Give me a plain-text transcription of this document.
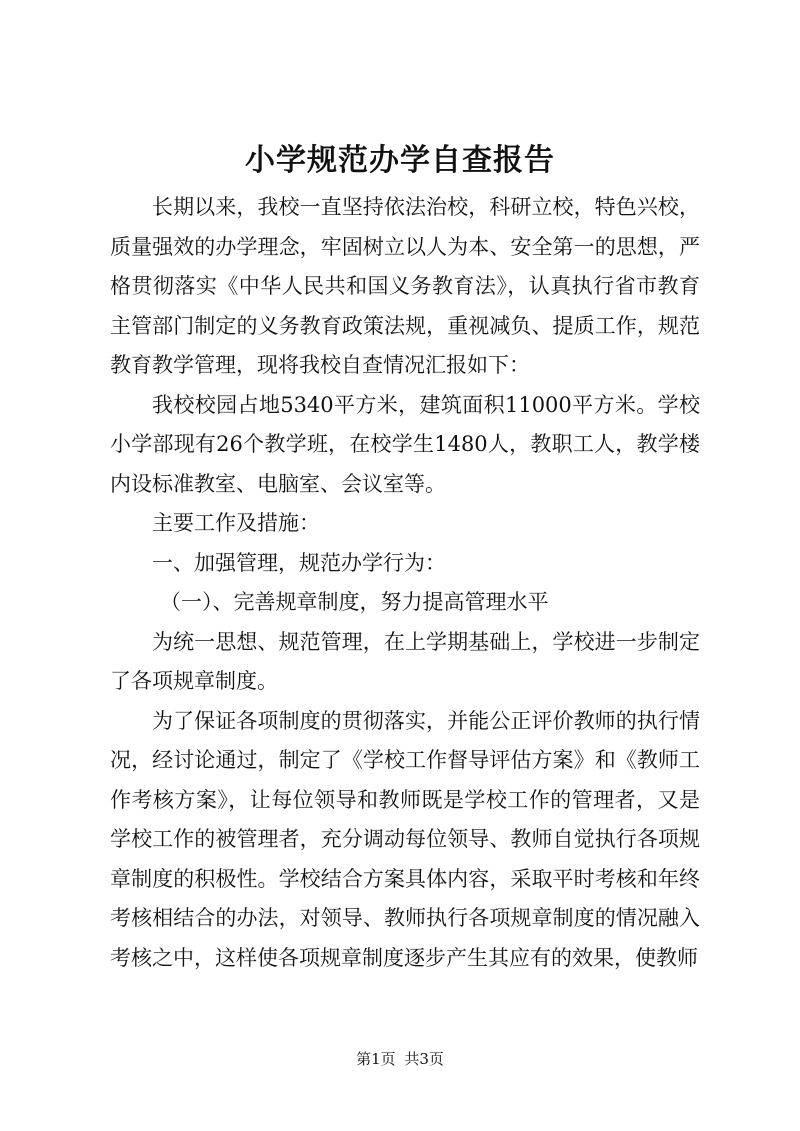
小学规范办学自查报告

长期以来，我校一直坚持依法治校，科研立校，特色兴校，质量强效的办学理念，牢固树立以人为本、安全第一的思想，严格贯彻落实《中华人民共和国义务教育法》，认真执行省市教育主管部门制定的义务教育政策法规，重视减负、提质工作，规范教育教学管理，现将我校自查情况汇报如下：

我校校园占地5340平方米，建筑面积11000平方米。学校小学部现有26个教学班，在校学生1480人，教职工人，教学楼内设标准教室、电脑室、会议室等。

主要工作及措施：

一、加强管理，规范办学行为：

（一）、完善规章制度，努力提高管理水平

为统一思想、规范管理，在上学期基础上，学校进一步制定了各项规章制度。

为了保证各项制度的贯彻落实，并能公正评价教师的执行情况，经讨论通过，制定了《学校工作督导评估方案》和《教师工作考核方案》，让每位领导和教师既是学校工作的管理者，又是学校工作的被管理者，充分调动每位领导、教师自觉执行各项规章制度的积极性。学校结合方案具体内容，采取平时考核和年终考核相结合的办法，对领导、教师执行各项规章制度的情况融入考核之中，这样使各项规章制度逐步产生其应有的效果，使教师

第1页 共3页
